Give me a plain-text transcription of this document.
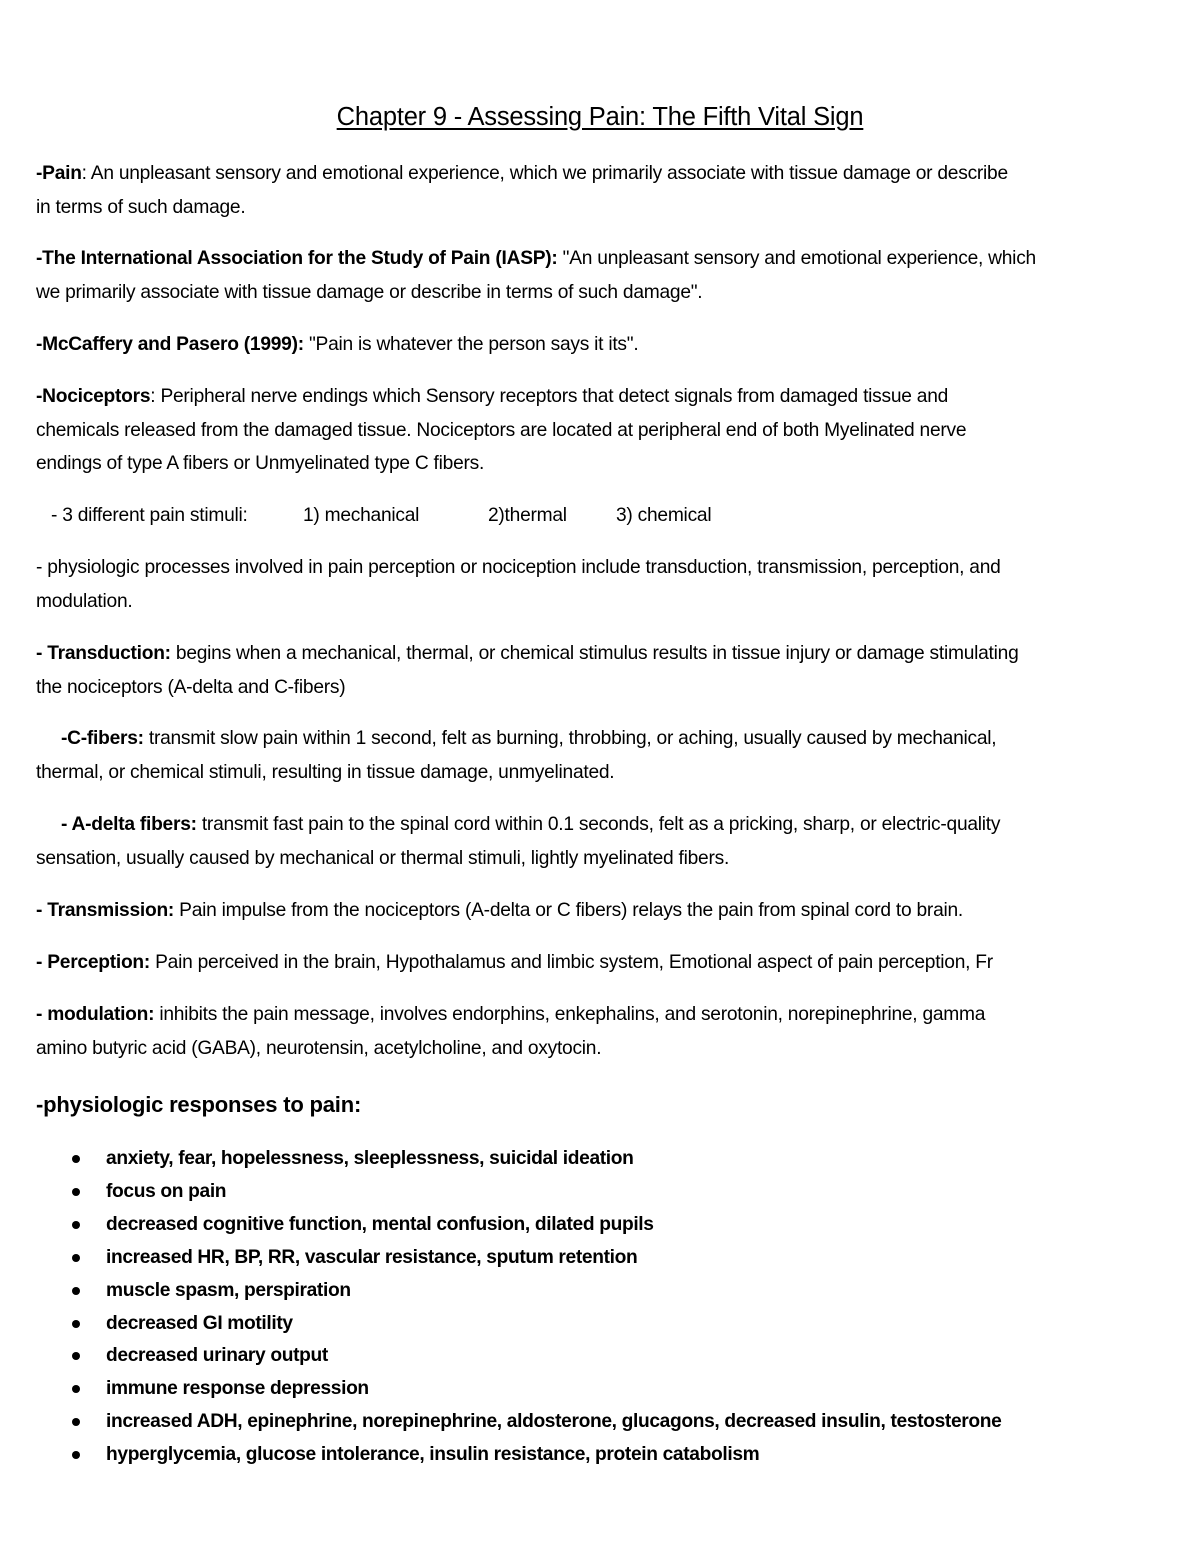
Chapter 9 - Assessing Pain: The Fifth Vital Sign
-Pain: An unpleasant sensory and emotional experience, which we primarily associate with tissue damage or describe
in terms of such damage.
-The International Association for the Study of Pain (IASP): "An unpleasant sensory and emotional experience, which
we primarily associate with tissue damage or describe in terms of such damage".
-McCaffery and Pasero (1999): "Pain is whatever the person says it its".
-Nociceptors: Peripheral nerve endings which Sensory receptors that detect signals from damaged tissue and
chemicals released from the damaged tissue. Nociceptors are located at peripheral end of both Myelinated nerve
endings of type A fibers or Unmyelinated type C fibers.
- 3 different pain stimuli:	1) mechanical	2)thermal	3) chemical
- physiologic processes involved in pain perception or nociception include transduction, transmission, perception, and
modulation.
- Transduction: begins when a mechanical, thermal, or chemical stimulus results in tissue injury or damage stimulating
the nociceptors (A-delta and C-fibers)
-C-fibers: transmit slow pain within 1 second, felt as burning, throbbing, or aching, usually caused by mechanical,
thermal, or chemical stimuli, resulting in tissue damage, unmyelinated.
- A-delta fibers: transmit fast pain to the spinal cord within 0.1 seconds, felt as a pricking, sharp, or electric-quality
sensation, usually caused by mechanical or thermal stimuli, lightly myelinated fibers.
- Transmission: Pain impulse from the nociceptors (A-delta or C fibers) relays the pain from spinal cord to brain.
- Perception: Pain perceived in the brain, Hypothalamus and limbic system, Emotional aspect of pain perception, Fr
- modulation: inhibits the pain message, involves endorphins, enkephalins, and serotonin, norepinephrine, gamma
amino butyric acid (GABA), neurotensin, acetylcholine, and oxytocin.
-physiologic responses to pain:
anxiety, fear, hopelessness, sleeplessness, suicidal ideation
focus on pain
decreased cognitive function, mental confusion, dilated pupils
increased HR, BP, RR, vascular resistance, sputum retention
muscle spasm, perspiration
decreased GI motility
decreased urinary output
immune response depression
increased ADH, epinephrine, norepinephrine, aldosterone, glucagons, decreased insulin, testosterone
hyperglycemia, glucose intolerance, insulin resistance, protein catabolism
